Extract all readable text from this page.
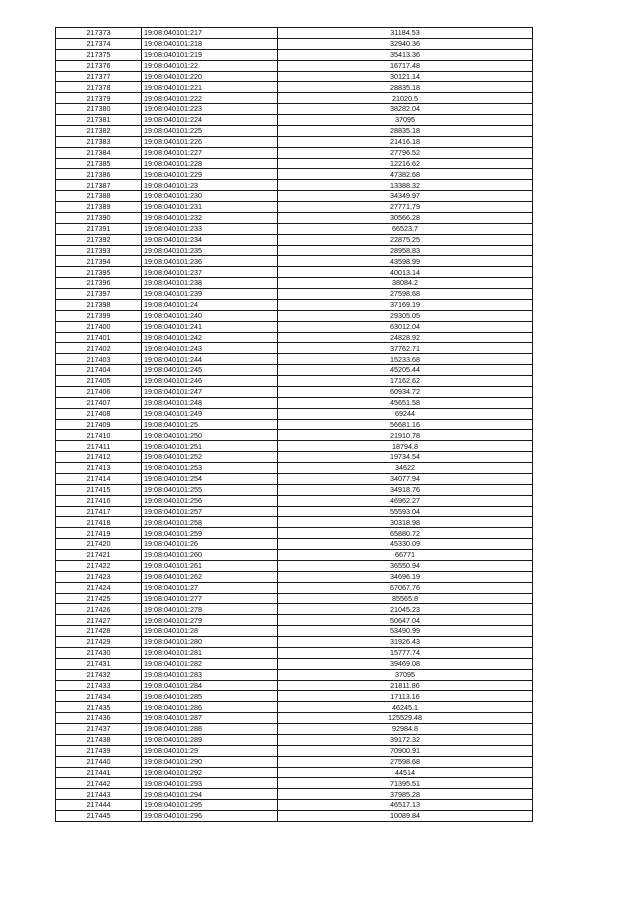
217373	19:08:040101:217	31184.53
217374	19:08:040101:218	32940.36
217375	19:08:040101:219	35413.36
217376	19:08:040101:22	16717.48
217377	19:08:040101:220	30121.14
217378	19:08:040101:221	28835.18
217379	19:08:040101:222	21020.5
217380	19:08:040101:223	38282.04
217381	19:08:040101:224	37095
217382	19:08:040101:225	28835.18
217383	19:08:040101:226	21416.18
217384	19:08:040101:227	27796.52
217385	19:08:040101:228	12216.62
217386	19:08:040101:229	47382.68
217387	19:08:040101:23	13388.32
217388	19:08:040101:230	34349.97
217389	19:08:040101:231	27771.79
217390	19:08:040101:232	30566.28
217391	19:08:040101:233	66523.7
217392	19:08:040101:234	22875.25
217393	19:08:040101:235	28958.83
217394	19:08:040101:236	43598.99
217395	19:08:040101:237	40013.14
217396	19:08:040101:238	38084.2
217397	19:08:040101:239	27598.68
217398	19:08:040101:24	37169.19
217399	19:08:040101:240	29305.05
217400	19:08:040101:241	63012.04
217401	19:08:040101:242	24828.92
217402	19:08:040101:243	37762.71
217403	19:08:040101:244	15233.68
217404	19:08:040101:245	45205.44
217405	19:08:040101:246	17162.62
217406	19:08:040101:247	60934.72
217407	19:08:040101:248	45651.58
217408	19:08:040101:249	69244
217409	19:08:040101:25	56681.16
217410	19:08:040101:250	21910.78
217411	19:08:040101:251	18794.8
217412	19:08:040101:252	19734.54
217413	19:08:040101:253	34622
217414	19:08:040101:254	34077.94
217415	19:08:040101:255	34918.76
217416	19:08:040101:256	46962.27
217417	19:08:040101:257	55593.04
217418	19:08:040101:258	30318.98
217419	19:08:040101:259	65880.72
217420	19:08:040101:26	45330.09
217421	19:08:040101:260	66771
217422	19:08:040101:261	36550.94
217423	19:08:040101:262	34696.19
217424	19:08:040101:27	67067.76
217425	19:08:040101:277	85565.8
217426	19:08:040101:278	21045.23
217427	19:08:040101:279	50647.04
217428	19:08:040101:28	53490.99
217429	19:08:040101:280	31926.43
217430	19:08:040101:281	15777.74
217431	19:08:040101:282	39469.08
217432	19:08:040101:283	37095
217433	19:08:040101:284	21811.86
217434	19:08:040101:285	17113.16
217435	19:08:040101:286	46245.1
217436	19:08:040101:287	125529.48
217437	19:08:040101:288	92984.8
217438	19:08:040101:289	39172.32
217439	19:08:040101:29	70900.91
217440	19:08:040101:290	27598.68
217441	19:08:040101:292	44514
217442	19:08:040101:293	71395.51
217443	19:08:040101:294	37985.28
217444	19:08:040101:295	46517.13
217445	19:08:040101:296	10089.84
